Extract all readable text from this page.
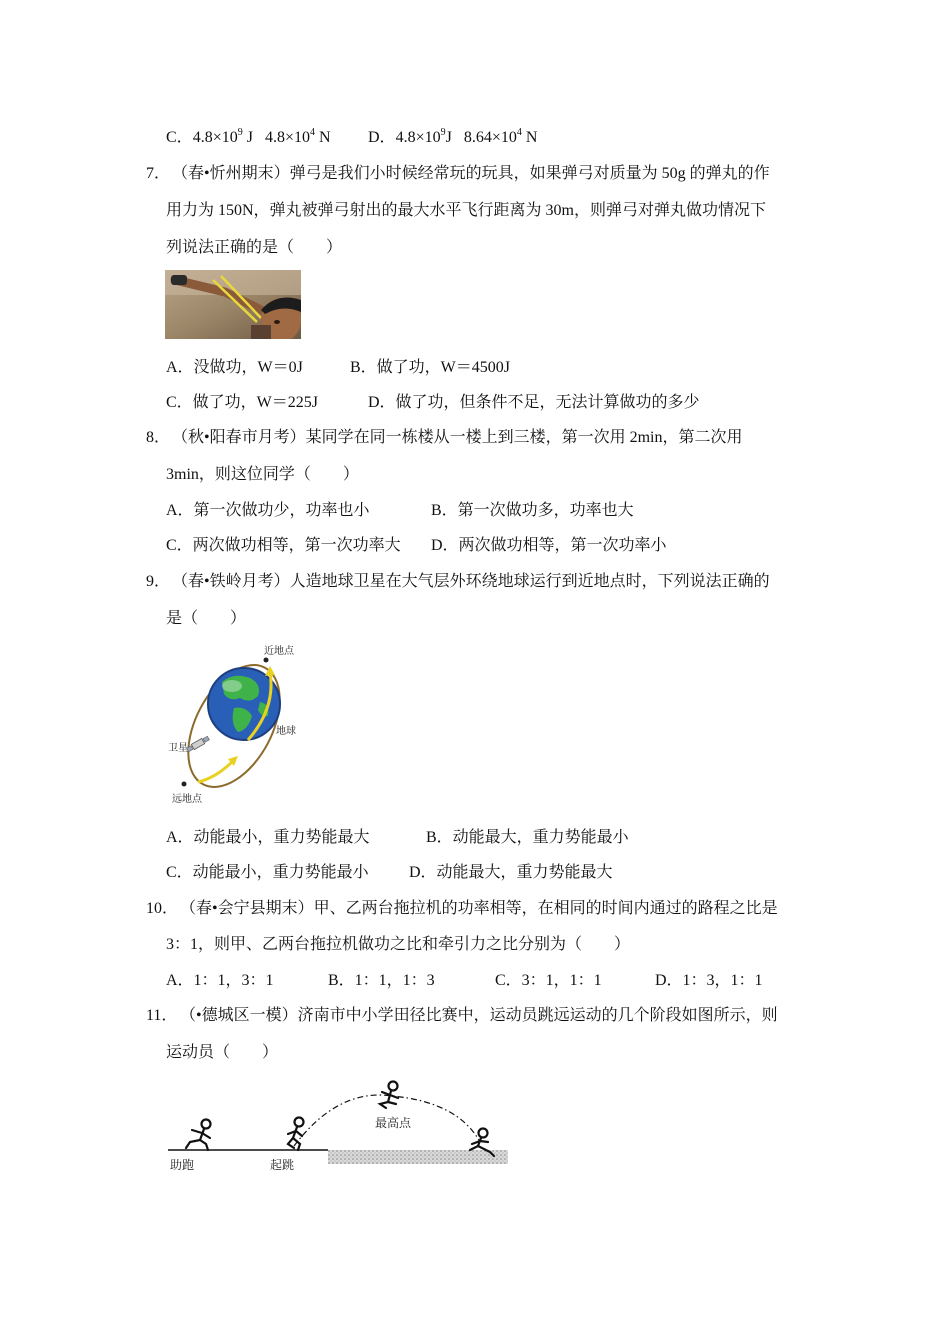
C．$4.8\times 10^9$ J $4.8\times 10^4$ N D．$4.8\times 10^9J$ $8.64\times 10^4$ N
7． （春•忻州期末）弹弓是我们小时候经常玩的玩具，如果弹弓对质量为 50g 的弹丸的作
用力为 150N，弹丸被弹弓射出的最大水平飞行距离为 30m，则弹弓对弹丸做功情况下
列说法正确的是（　　）
A．没做功，W＝0J	B．做了功，W＝4500J
C．做了功，W＝225J	D．做了功，但条件不足，无法计算做功的多少
8． （秋•阳春市月考）某同学在同一栋楼从一楼上到三楼，第一次用 2min，第二次用
3min，则这位同学（　　）
A．第一次做功少，功率也小	B．第一次做功多，功率也大
C．两次做功相等，第一次功率大 D．两次做功相等，第一次功率小
9． （春•铁岭月考）人造地球卫星在大气层外环绕地球运行到近地点时，下列说法正确的
是（　　）
近地点
地球
卫星
远地点
A．动能最小，重力势能最大	B．动能最大，重力势能最小
C．动能最小，重力势能最小	D．动能最大，重力势能最大
10． （春•会宁县期末）甲、乙两台拖拉机的功率相等，在相同的时间内通过的路程之比是
3：1，则甲、乙两台拖拉机做功之比和牵引力之比分别为（　　）
A．1：1，3：1	B．1：1，1：3	C．3：1，1：1	D．1：3，1：1
11． （•德城区一模）济南市中小学田径比赛中，运动员跳远运动的几个阶段如图所示，则
运动员（　　）
助跑	起跳
最高点
